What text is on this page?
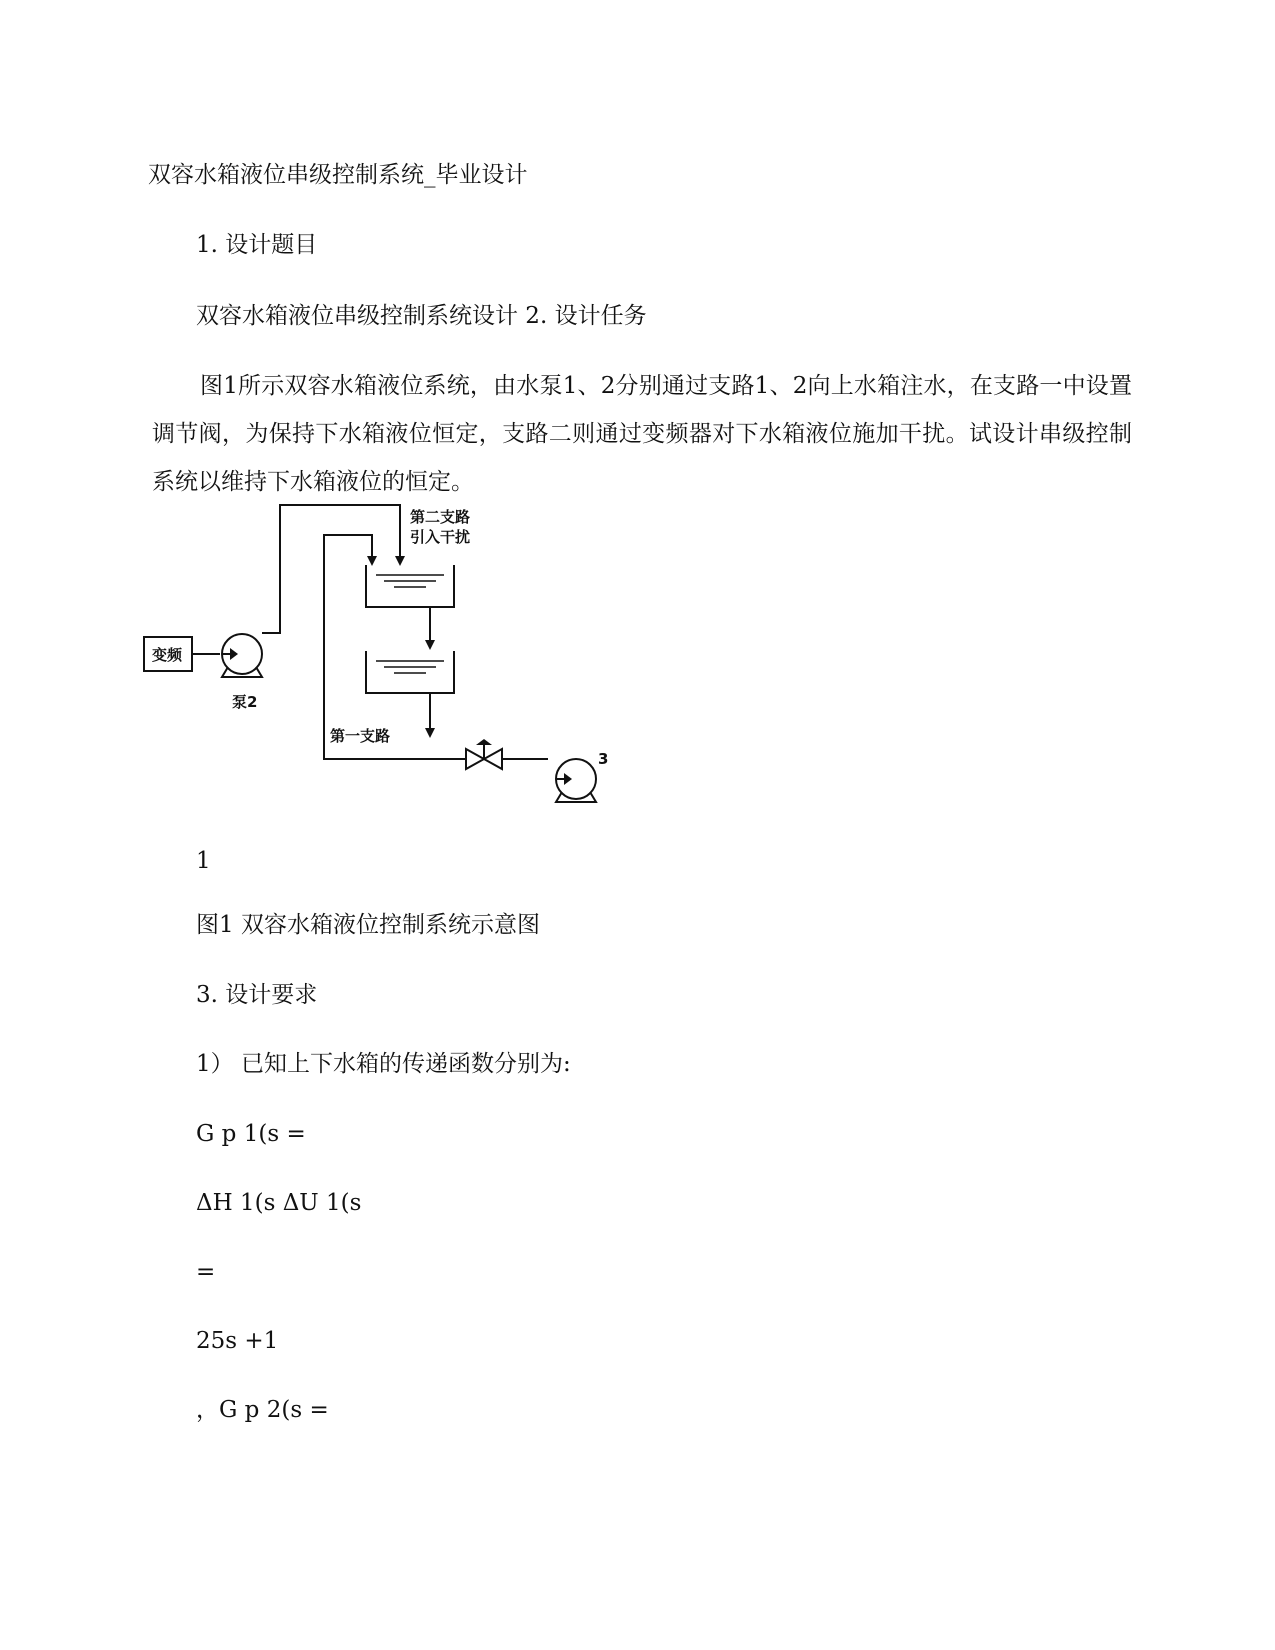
双容水箱液位串级控制系统_毕业设计
1. 设计题目
双容水箱液位串级控制系统设计 2. 设计任务
图1所示双容水箱液位系统，由水泵1、2分别通过支路1、2向上水箱注水，在支路一中设置调节阀，为保持下水箱液位恒定，支路二则通过变频器对下水箱液位施加干扰。试设计串级控制系统以维持下水箱液位的恒定。
变频
泵2
3
第二支路
引入干扰
第一支路
1
图1 双容水箱液位控制系统示意图
3. 设计要求
1） 已知上下水箱的传递函数分别为:
G p 1(s =
ΔH 1(s ΔU 1(s
=
25s +1
，G p 2(s =
